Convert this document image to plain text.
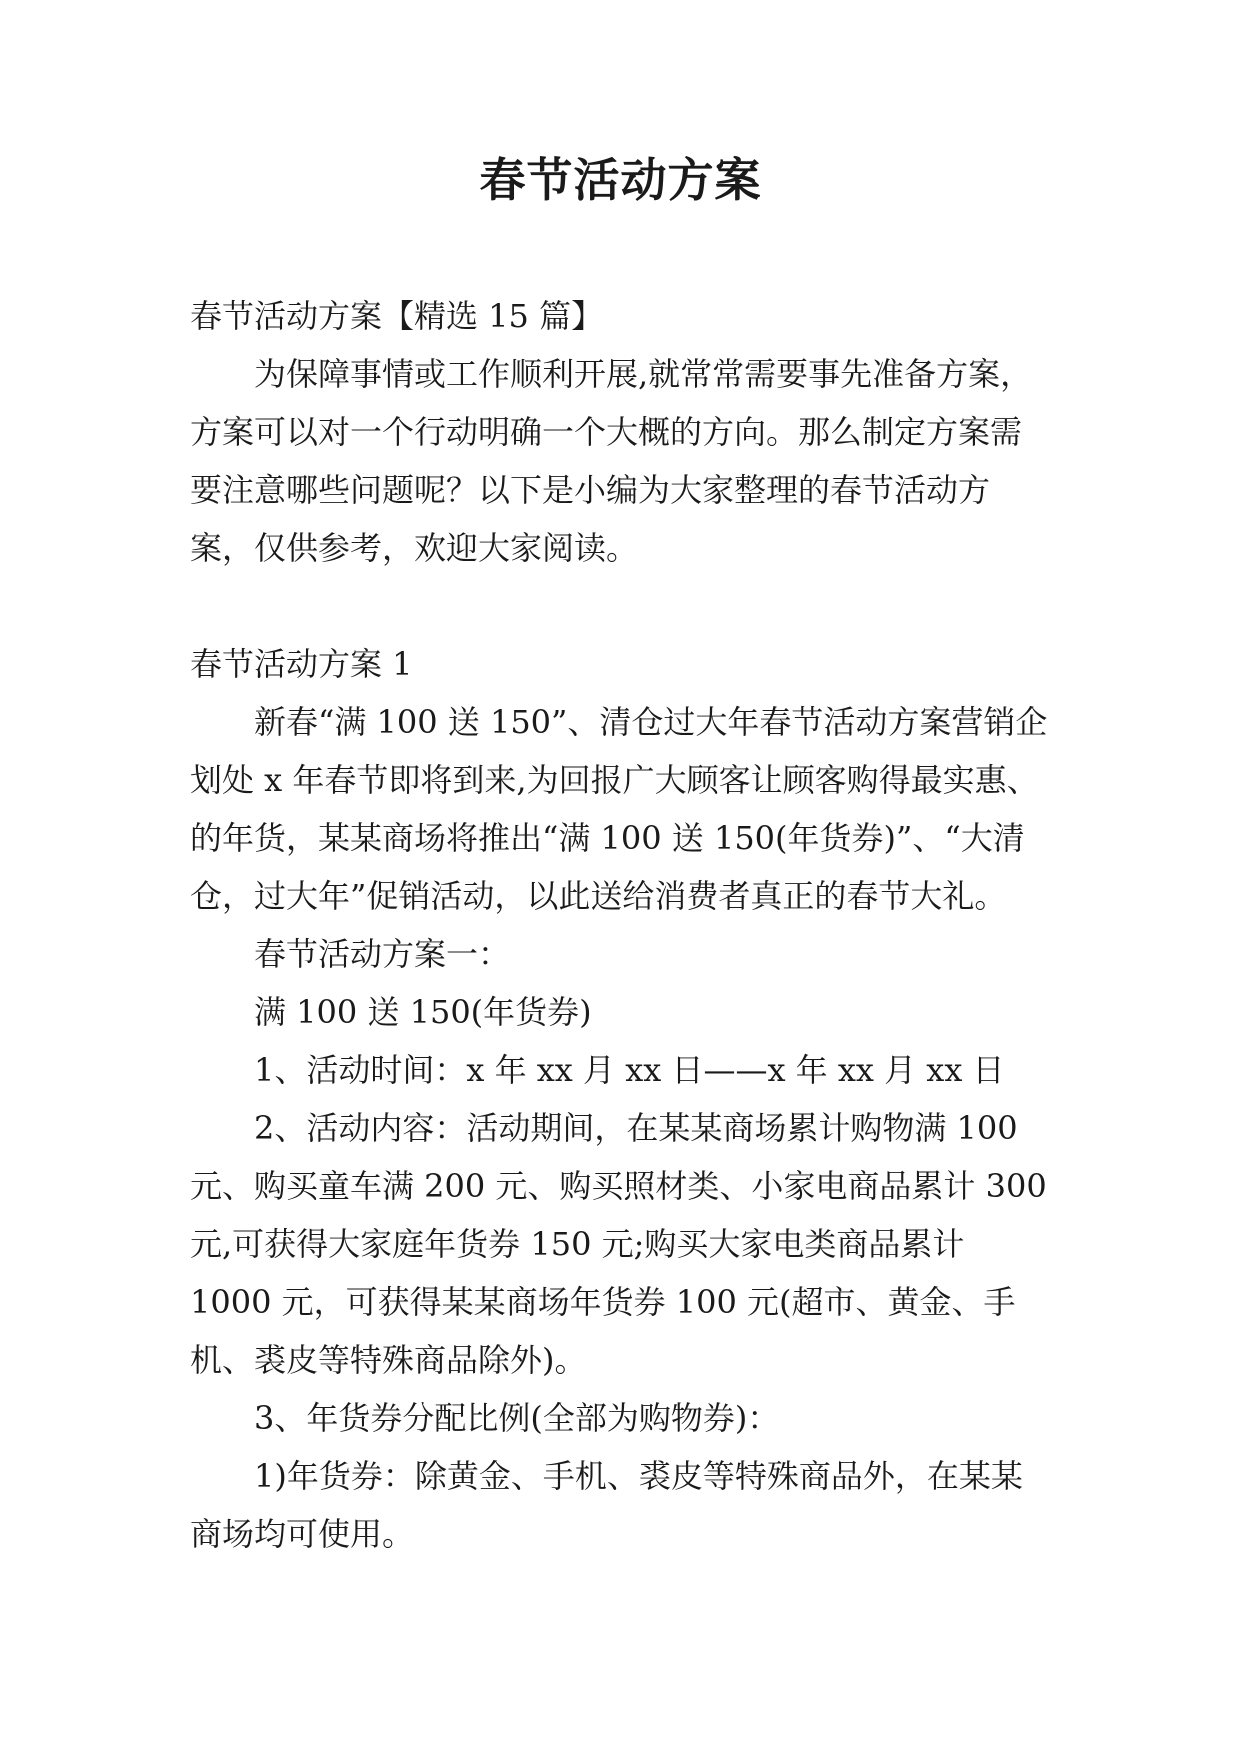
春节活动方案

春节活动方案【精选 15 篇】

为保障事情或工作顺利开展,就常常需要事先准备方案，方案可以对一个行动明确一个大概的方向。那么制定方案需要注意哪些问题呢？以下是小编为大家整理的春节活动方案，仅供参考，欢迎大家阅读。

春节活动方案 1

新春“满 100 送 150”、清仓过大年春节活动方案营销企划处 x 年春节即将到来,为回报广大顾客让顾客购得最实惠、的年货，某某商场将推出“满 100 送 150(年货券)”、“大清仓，过大年”促销活动，以此送给消费者真正的春节大礼。

春节活动方案一：

满 100 送 150(年货券)

1、活动时间：x 年 xx 月 xx 日——x 年 xx 月 xx 日

2、活动内容：活动期间，在某某商场累计购物满 100 元、购买童车满 200 元、购买照材类、小家电商品累计 300 元,可获得大家庭年货券 150 元;购买大家电类商品累计 1000 元，可获得某某商场年货券 100 元(超市、黄金、手机、裘皮等特殊商品除外)。

3、年货券分配比例(全部为购物券)：

1)年货券：除黄金、手机、裘皮等特殊商品外，在某某商场均可使用。
